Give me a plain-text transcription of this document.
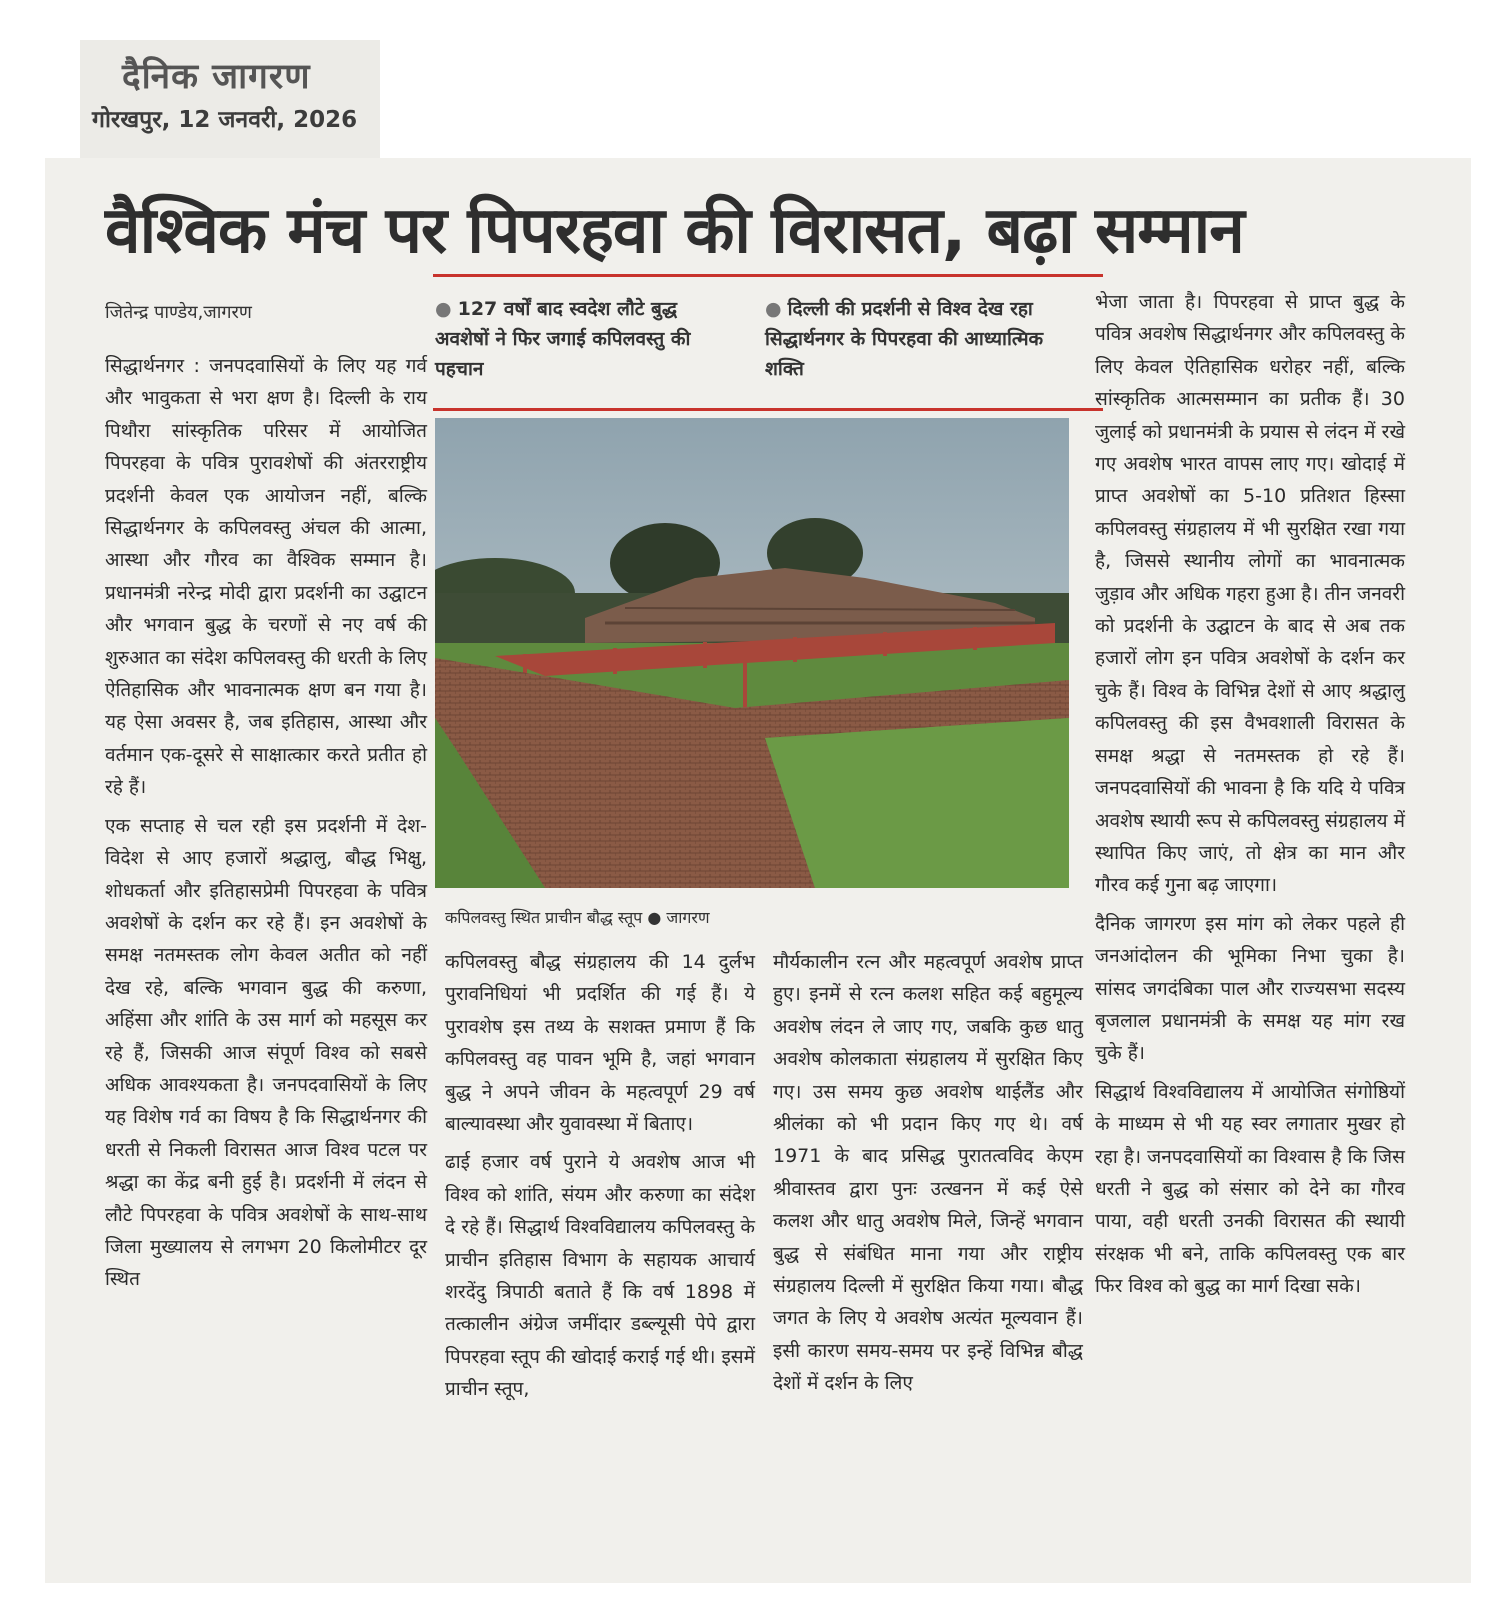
दैनिक जागरण
गोरखपुर, 12 जनवरी, 2026
वैश्विक मंच पर पिपरहवा की विरासत, बढ़ा सम्मान
जितेन्द्र पाण्डेय,जागरण

सिद्धार्थनगर : जनपदवासियों के लिए यह गर्व और भावुकता से भरा क्षण है। दिल्ली के राय पिथौरा सांस्कृतिक परिसर में आयोजित पिपरहवा के पवित्र पुरावशेषों की अंतरराष्ट्रीय प्रदर्शनी केवल एक आयोजन नहीं, बल्कि सिद्धार्थनगर के कपिलवस्तु अंचल की आत्मा, आस्था और गौरव का वैश्विक सम्मान है। प्रधानमंत्री नरेन्द्र मोदी द्वारा प्रदर्शनी का उद्घाटन और भगवान बुद्ध के चरणों से नए वर्ष की शुरुआत का संदेश कपिलवस्तु की धरती के लिए ऐतिहासिक और भावनात्मक क्षण बन गया है। यह ऐसा अवसर है, जब इतिहास, आस्था और वर्तमान एक-दूसरे से साक्षात्कार करते प्रतीत हो रहे हैं।

एक सप्ताह से चल रही इस प्रदर्शनी में देश-विदेश से आए हजारों श्रद्धालु, बौद्ध भिक्षु, शोधकर्ता और इतिहासप्रेमी पिपरहवा के पवित्र अवशेषों के दर्शन कर रहे हैं। इन अवशेषों के समक्ष नतमस्तक लोग केवल अतीत को नहीं देख रहे, बल्कि भगवान बुद्ध की करुणा, अहिंसा और शांति के उस मार्ग को महसूस कर रहे हैं, जिसकी आज संपूर्ण विश्व को सबसे अधिक आवश्यकता है। जनपदवासियों के लिए यह विशेष गर्व का विषय है कि सिद्धार्थनगर की धरती से निकली विरासत आज विश्व पटल पर श्रद्धा का केंद्र बनी हुई है। प्रदर्शनी में लंदन से लौटे पिपरहवा के पवित्र अवशेषों के साथ-साथ जिला मुख्यालय से लगभग 20 किलोमीटर दूर स्थित

● 127 वर्षों बाद स्वदेश लौटे बुद्ध अवशेषों ने फिर जगाई कपिलवस्तु की पहचान
● दिल्ली की प्रदर्शनी से विश्व देख रहा सिद्धार्थनगर के पिपरहवा की आध्यात्मिक शक्ति
कपिलवस्तु स्थित प्राचीन बौद्ध स्तूप ● जागरण

कपिलवस्तु बौद्ध संग्रहालय की 14 दुर्लभ पुरावनिधियां भी प्रदर्शित की गई हैं। ये पुरावशेष इस तथ्य के सशक्त प्रमाण हैं कि कपिलवस्तु वह पावन भूमि है, जहां भगवान बुद्ध ने अपने जीवन के महत्वपूर्ण 29 वर्ष बाल्यावस्था और युवावस्था में बिताए।

ढाई हजार वर्ष पुराने ये अवशेष आज भी विश्व को शांति, संयम और करुणा का संदेश दे रहे हैं। सिद्धार्थ विश्वविद्यालय कपिलवस्तु के प्राचीन इतिहास विभाग के सहायक आचार्य शरदेंदु त्रिपाठी बताते हैं कि वर्ष 1898 में तत्कालीन अंग्रेज जमींदार डब्ल्यूसी पेपे द्वारा पिपरहवा स्तूप की खोदाई कराई गई थी। इसमें प्राचीन स्तूप,

मौर्यकालीन रत्न और महत्वपूर्ण अवशेष प्राप्त हुए। इनमें से रत्न कलश सहित कई बहुमूल्य अवशेष लंदन ले जाए गए, जबकि कुछ धातु अवशेष कोलकाता संग्रहालय में सुरक्षित किए गए। उस समय कुछ अवशेष थाईलैंड और श्रीलंका को भी प्रदान किए गए थे। वर्ष 1971 के बाद प्रसिद्ध पुरातत्वविद केएम श्रीवास्तव द्वारा पुनः उत्खनन में कई ऐसे कलश और धातु अवशेष मिले, जिन्हें भगवान बुद्ध से संबंधित माना गया और राष्ट्रीय संग्रहालय दिल्ली में सुरक्षित किया गया। बौद्ध जगत के लिए ये अवशेष अत्यंत मूल्यवान हैं। इसी कारण समय-समय पर इन्हें विभिन्न बौद्ध देशों में दर्शन के लिए

भेजा जाता है। पिपरहवा से प्राप्त बुद्ध के पवित्र अवशेष सिद्धार्थनगर और कपिलवस्तु के लिए केवल ऐतिहासिक धरोहर नहीं, बल्कि सांस्कृतिक आत्मसम्मान का प्रतीक हैं। 30 जुलाई को प्रधानमंत्री के प्रयास से लंदन में रखे गए अवशेष भारत वापस लाए गए। खोदाई में प्राप्त अवशेषों का 5-10 प्रतिशत हिस्सा कपिलवस्तु संग्रहालय में भी सुरक्षित रखा गया है, जिससे स्थानीय लोगों का भावनात्मक जुड़ाव और अधिक गहरा हुआ है। तीन जनवरी को प्रदर्शनी के उद्घाटन के बाद से अब तक हजारों लोग इन पवित्र अवशेषों के दर्शन कर चुके हैं। विश्व के विभिन्न देशों से आए श्रद्धालु कपिलवस्तु की इस वैभवशाली विरासत के समक्ष श्रद्धा से नतमस्तक हो रहे हैं। जनपदवासियों की भावना है कि यदि ये पवित्र अवशेष स्थायी रूप से कपिलवस्तु संग्रहालय में स्थापित किए जाएं, तो क्षेत्र का मान और गौरव कई गुना बढ़ जाएगा।

दैनिक जागरण इस मांग को लेकर पहले ही जनआंदोलन की भूमिका निभा चुका है। सांसद जगदंबिका पाल और राज्यसभा सदस्य बृजलाल प्रधानमंत्री के समक्ष यह मांग रख चुके हैं।

सिद्धार्थ विश्वविद्यालय में आयोजित संगोष्ठियों के माध्यम से भी यह स्वर लगातार मुखर हो रहा है। जनपदवासियों का विश्वास है कि जिस धरती ने बुद्ध को संसार को देने का गौरव पाया, वही धरती उनकी विरासत की स्थायी संरक्षक भी बने, ताकि कपिलवस्तु एक बार फिर विश्व को बुद्ध का मार्ग दिखा सके।
